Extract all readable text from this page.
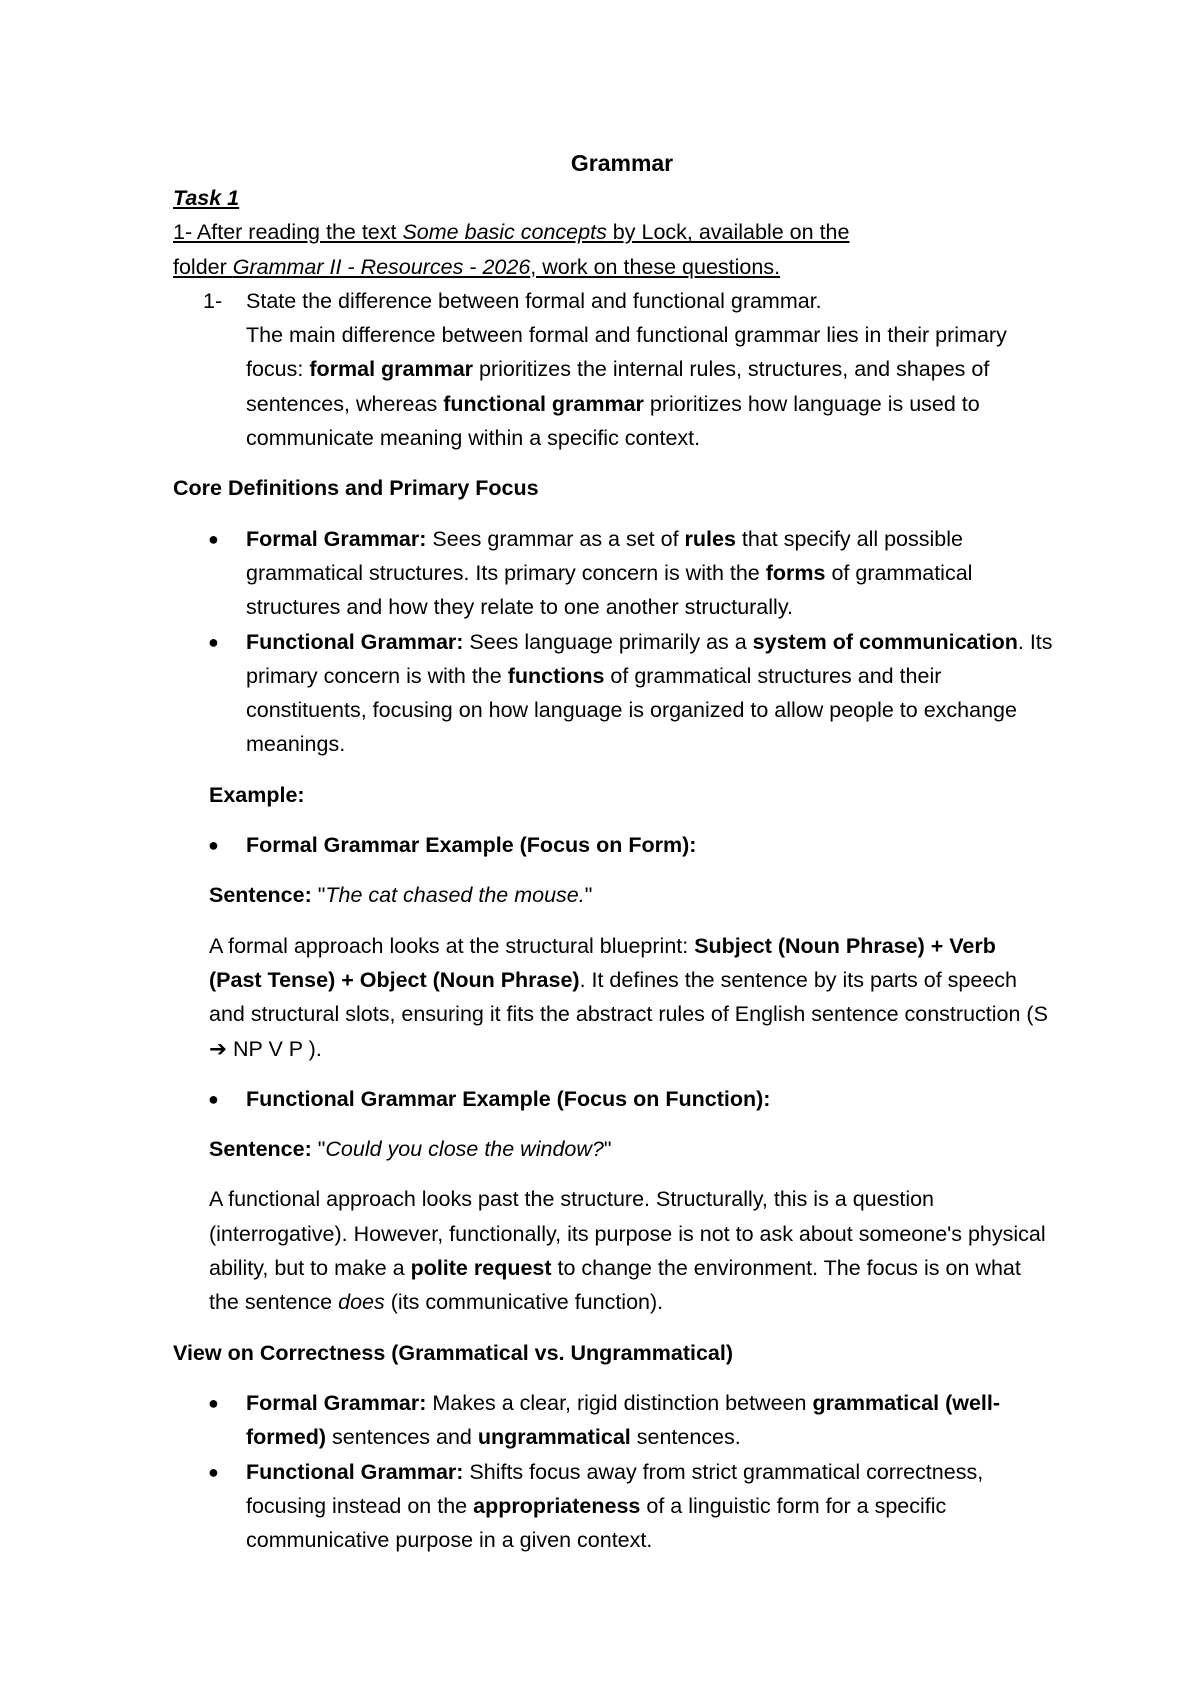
Grammar

Task 1

1- After reading the text Some basic concepts by Lock, available on the
folder Grammar II - Resources - 2026, work on these questions.

1-	State the difference between formal and functional grammar.

The main difference between formal and functional grammar lies in their primary focus: formal grammar prioritizes the internal rules, structures, and shapes of sentences, whereas functional grammar prioritizes how language is used to communicate meaning within a specific context.

Core Definitions and Primary Focus

● Formal Grammar: Sees grammar as a set of rules that specify all possible grammatical structures. Its primary concern is with the forms of grammatical structures and how they relate to one another structurally.
● Functional Grammar: Sees language primarily as a system of communication. Its primary concern is with the functions of grammatical structures and their constituents, focusing on how language is organized to allow people to exchange meanings.

Example:

● Formal Grammar Example (Focus on Form):

Sentence: "The cat chased the mouse."

A formal approach looks at the structural blueprint: Subject (Noun Phrase) + Verb (Past Tense) + Object (Noun Phrase). It defines the sentence by its parts of speech and structural slots, ensuring it fits the abstract rules of English sentence construction (S➔ NP V P ).

● Functional Grammar Example (Focus on Function):

Sentence: "Could you close the window?"

A functional approach looks past the structure. Structurally, this is a question (interrogative). However, functionally, its purpose is not to ask about someone's physical ability, but to make a polite request to change the environment. The focus is on what the sentence does (its communicative function).

View on Correctness (Grammatical vs. Ungrammatical)

● Formal Grammar: Makes a clear, rigid distinction between grammatical (well-formed) sentences and ungrammatical sentences.
● Functional Grammar: Shifts focus away from strict grammatical correctness, focusing instead on the appropriateness of a linguistic form for a specific communicative purpose in a given context.
